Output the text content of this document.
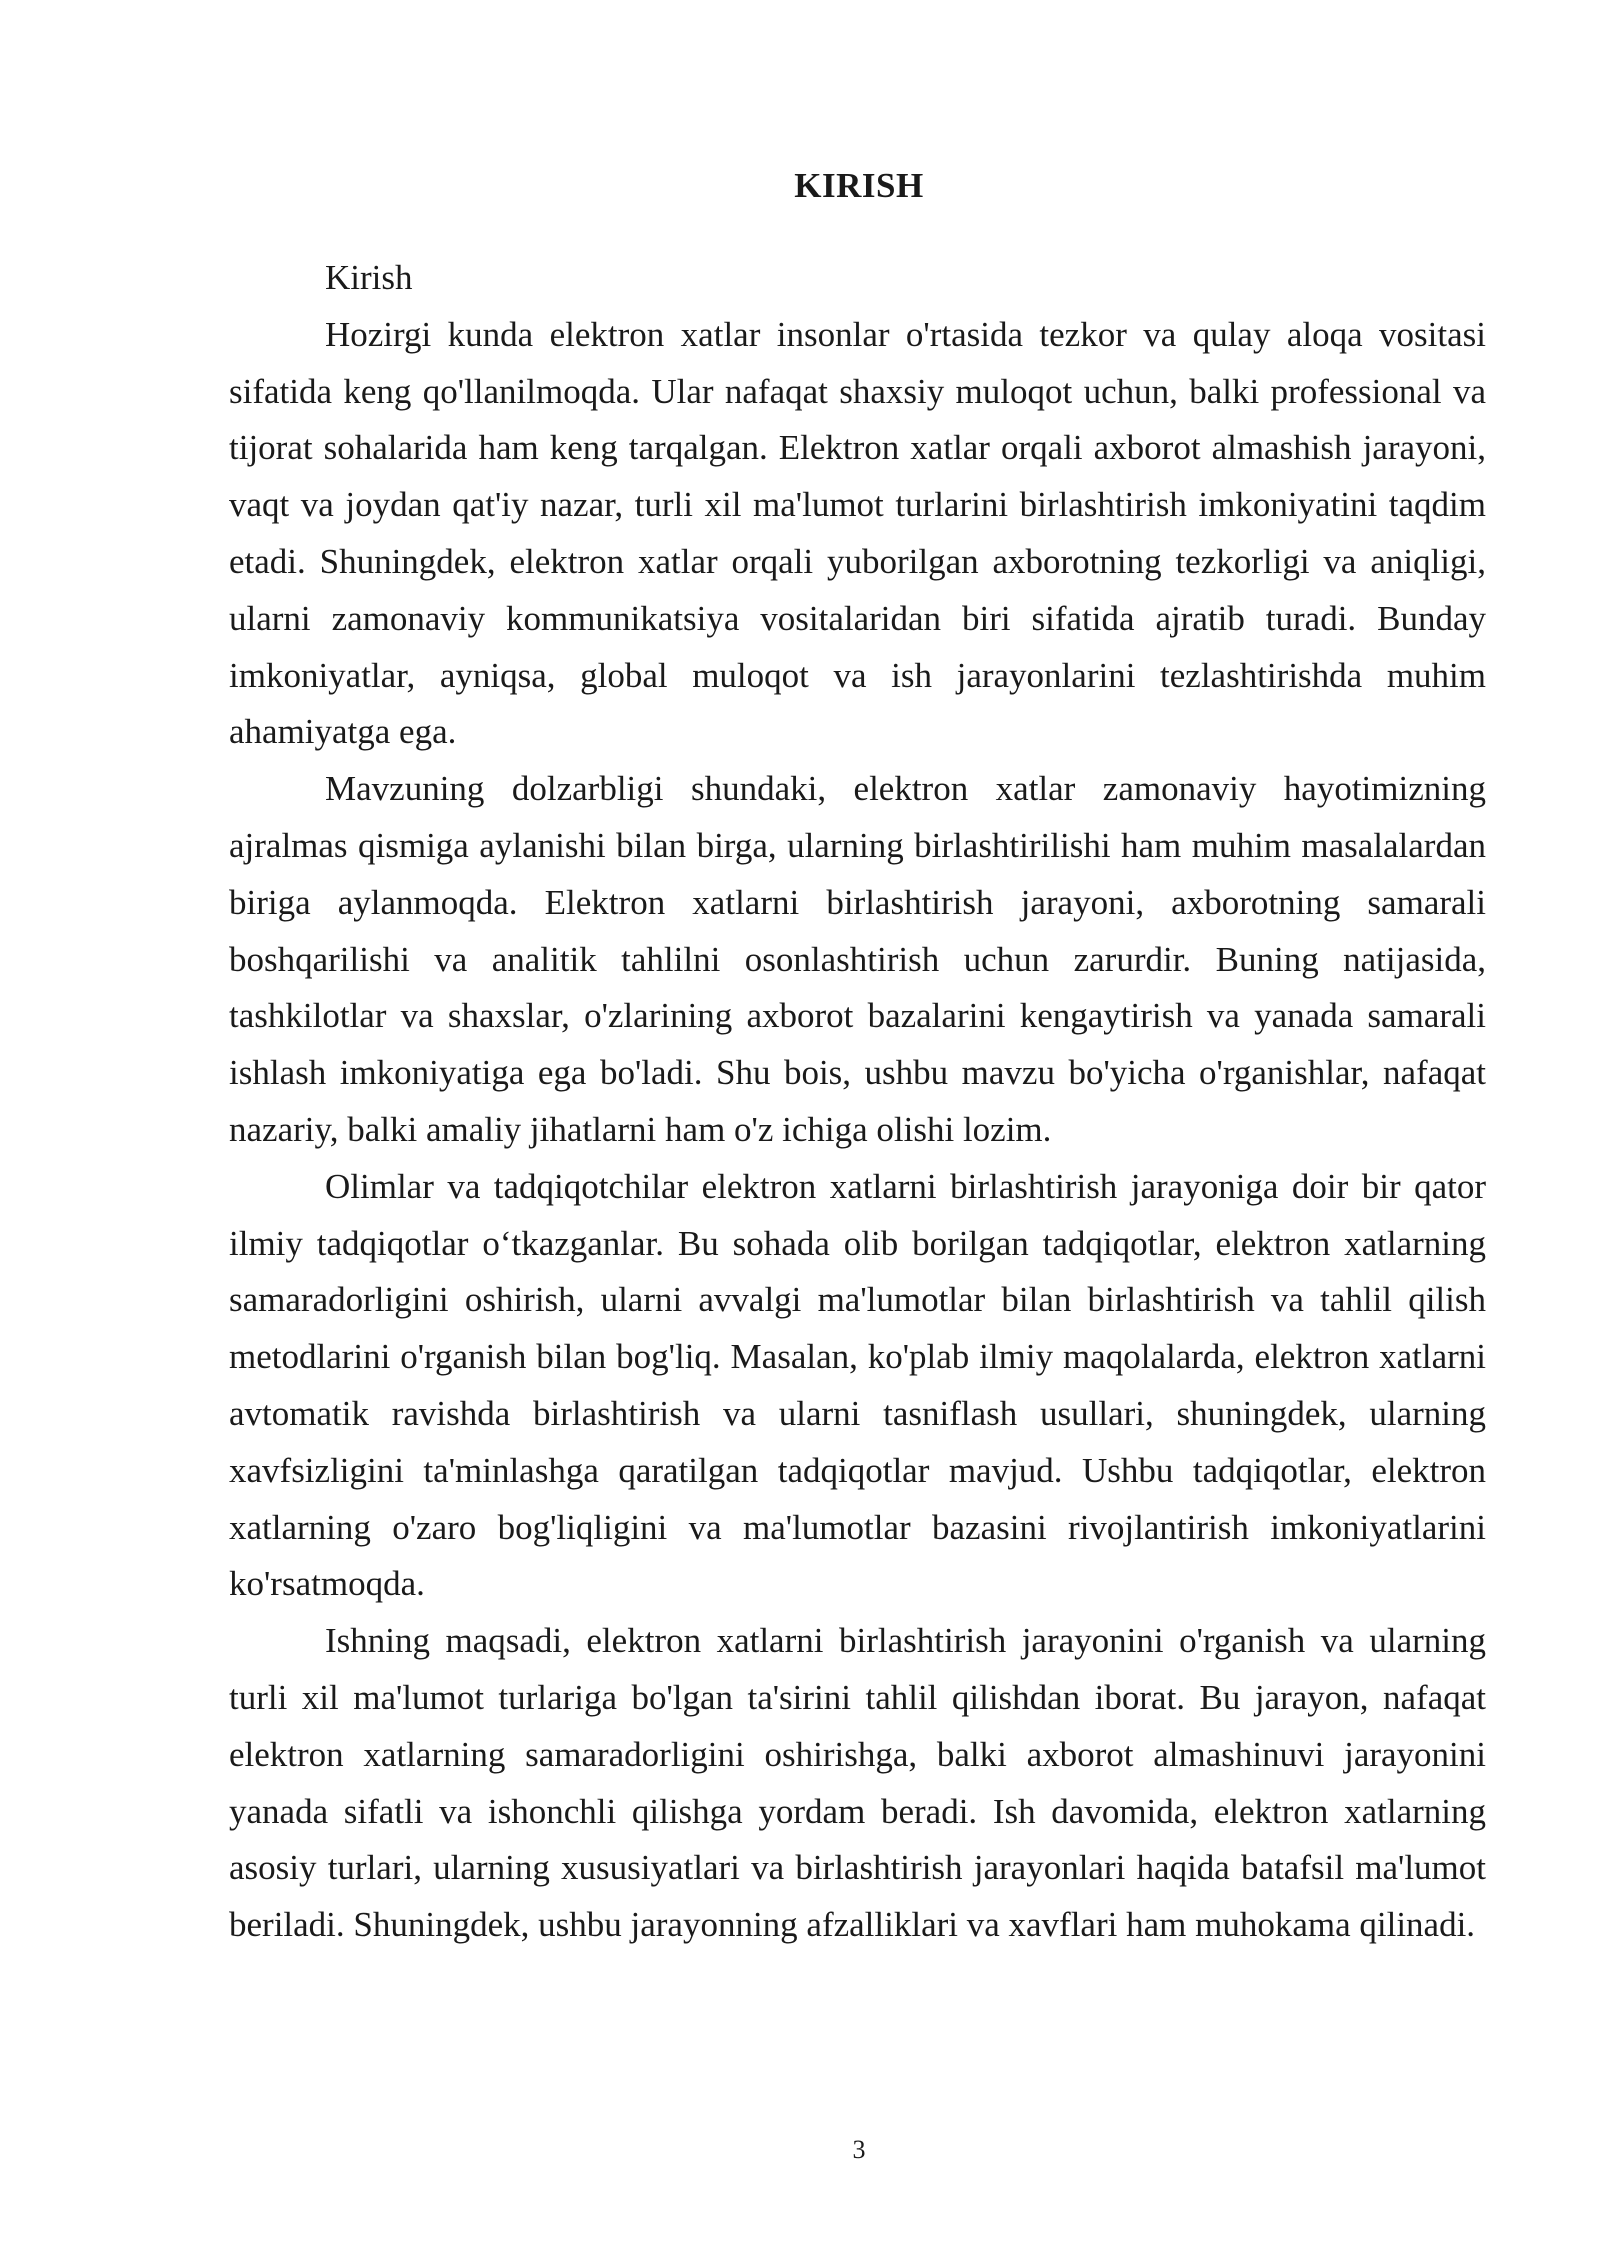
KIRISH

Kirish

Hozirgi kunda elektron xatlar insonlar o'rtasida tezkor va qulay aloqa vositasi sifatida keng qo'llanilmoqda. Ular nafaqat shaxsiy muloqot uchun, balki professional va tijorat sohalarida ham keng tarqalgan. Elektron xatlar orqali axborot almashish jarayoni, vaqt va joydan qat'iy nazar, turli xil ma'lumot turlarini birlashtirish imkoniyatini taqdim etadi. Shuningdek, elektron xatlar orqali yuborilgan axborotning tezkorligi va aniqligi, ularni zamonaviy kommunikatsiya vositalaridan biri sifatida ajratib turadi. Bunday imkoniyatlar, ayniqsa, global muloqot va ish jarayonlarini tezlashtirishda muhim ahamiyatga ega.

Mavzuning dolzarbligi shundaki, elektron xatlar zamonaviy hayotimizning ajralmas qismiga aylanishi bilan birga, ularning birlashtirilishi ham muhim masalalardan biriga aylanmoqda. Elektron xatlarni birlashtirish jarayoni, axborotning samarali boshqarilishi va analitik tahlilni osonlashtirish uchun zarurdir. Buning natijasida, tashkilotlar va shaxslar, o'zlarining axborot bazalarini kengaytirish va yanada samarali ishlash imkoniyatiga ega bo'ladi. Shu bois, ushbu mavzu bo'yicha o'rganishlar, nafaqat nazariy, balki amaliy jihatlarni ham o'z ichiga olishi lozim.

Olimlar va tadqiqotchilar elektron xatlarni birlashtirish jarayoniga doir bir qator ilmiy tadqiqotlar o‘tkazganlar. Bu sohada olib borilgan tadqiqotlar, elektron xatlarning samaradorligini oshirish, ularni avvalgi ma'lumotlar bilan birlashtirish va tahlil qilish metodlarini o'rganish bilan bog'liq. Masalan, ko'plab ilmiy maqolalarda, elektron xatlarni avtomatik ravishda birlashtirish va ularni tasniflash usullari, shuningdek, ularning xavfsizligini ta'minlashga qaratilgan tadqiqotlar mavjud. Ushbu tadqiqotlar, elektron xatlarning o'zaro bog'liqligini va ma'lumotlar bazasini rivojlantirish imkoniyatlarini ko'rsatmoqda.

Ishning maqsadi, elektron xatlarni birlashtirish jarayonini o'rganish va ularning turli xil ma'lumot turlariga bo'lgan ta'sirini tahlil qilishdan iborat. Bu jarayon, nafaqat elektron xatlarning samaradorligini oshirishga, balki axborot almashinuvi jarayonini yanada sifatli va ishonchli qilishga yordam beradi. Ish davomida, elektron xatlarning asosiy turlari, ularning xususiyatlari va birlashtirish jarayonlari haqida batafsil ma'lumot beriladi. Shuningdek, ushbu jarayonning afzalliklari va xavflari ham muhokama qilinadi.

3
